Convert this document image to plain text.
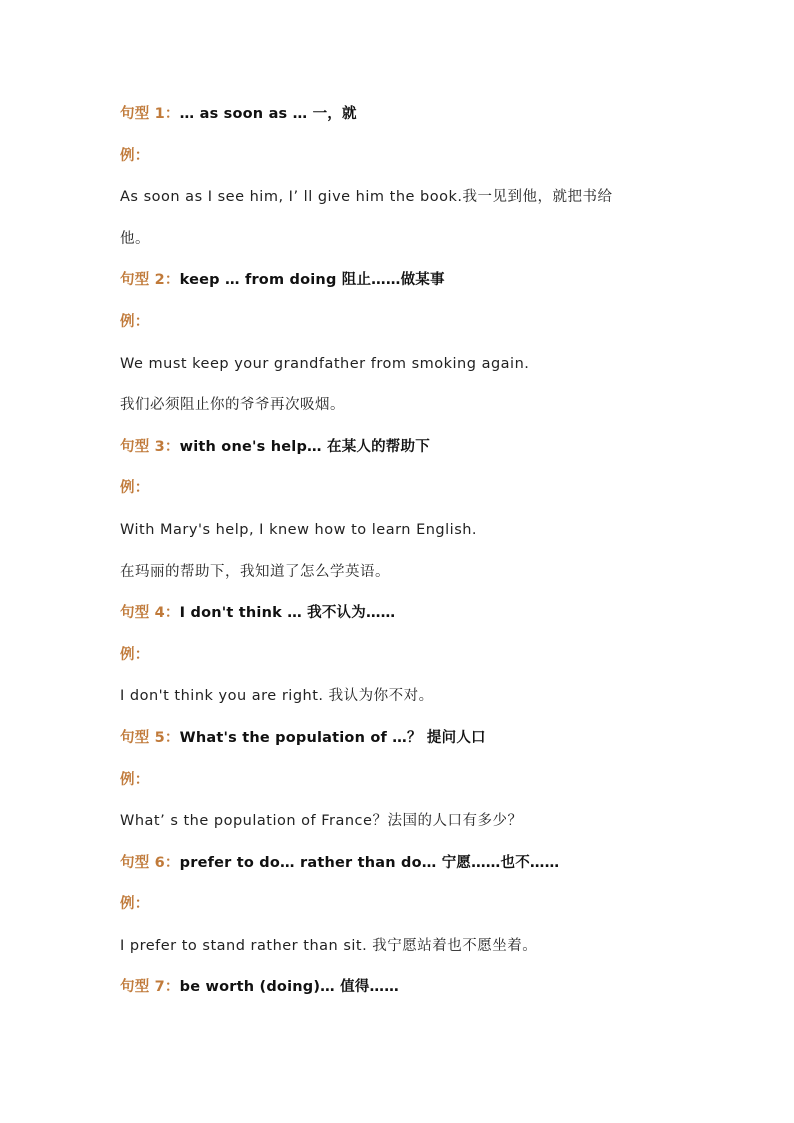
句型 1：… as soon as … 一，就
例：
As soon as I see him, I’ ll give him the book.我一见到他，就把书给
他。
句型 2：keep … from doing 阻止……做某事
例：
We must keep your grandfather from smoking again.
我们必须阻止你的爷爷再次吸烟。
句型 3：with one's help… 在某人的帮助下
例：
With Mary's help, I knew how to learn English.
在玛丽的帮助下，我知道了怎么学英语。
句型 4：I don't think … 我不认为……
例：
I don't think you are right. 我认为你不对。
句型 5：What's the population of …？ 提问人口
例：
What’ s the population of France？法国的人口有多少？
句型 6：prefer to do… rather than do… 宁愿……也不……
例：
I prefer to stand rather than sit. 我宁愿站着也不愿坐着。
句型 7：be worth (doing)… 值得……
